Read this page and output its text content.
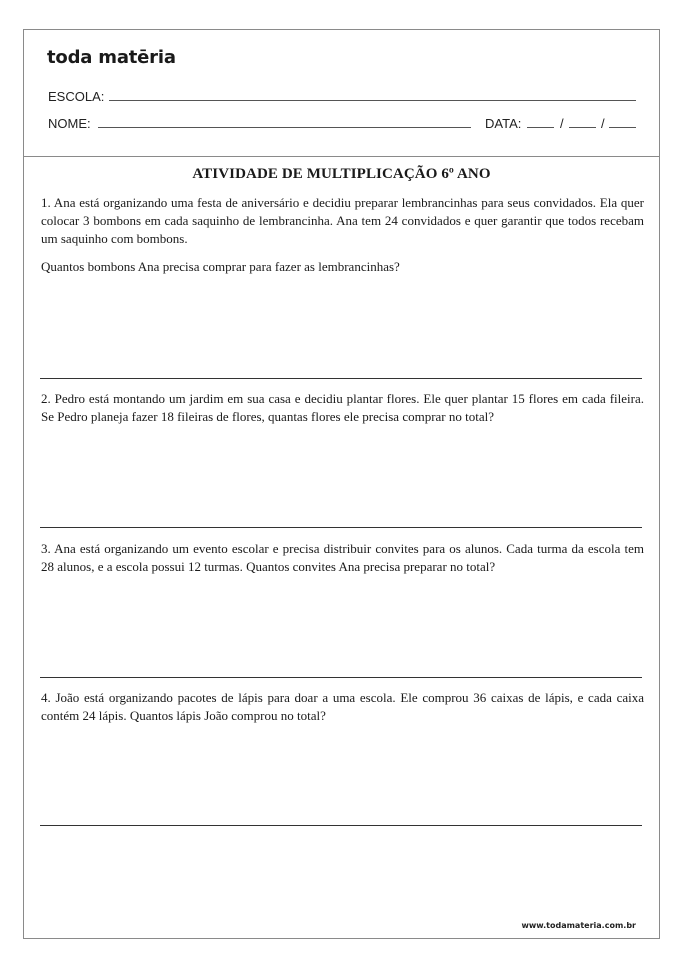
toda matēria
ESCOLA:
NOME:	DATA:	/	/
ATIVIDADE DE MULTIPLICAÇÃO 6º ANO

1. Ana está organizando uma festa de aniversário e decidiu preparar lembrancinhas para seus convidados. Ela quer colocar 3 bombons em cada saquinho de lembrancinha. Ana tem 24 convidados e quer garantir que todos recebam um saquinho com bombons.

Quantos bombons Ana precisa comprar para fazer as lembrancinhas?

2. Pedro está montando um jardim em sua casa e decidiu plantar flores. Ele quer plantar 15 flores em cada fileira. Se Pedro planeja fazer 18 fileiras de flores, quantas flores ele precisa comprar no total?

3. Ana está organizando um evento escolar e precisa distribuir convites para os alunos. Cada turma da escola tem 28 alunos, e a escola possui 12 turmas. Quantos convites Ana precisa preparar no total?

4. João está organizando pacotes de lápis para doar a uma escola. Ele comprou 36 caixas de lápis, e cada caixa contém 24 lápis. Quantos lápis João comprou no total?

www.todamateria.com.br
